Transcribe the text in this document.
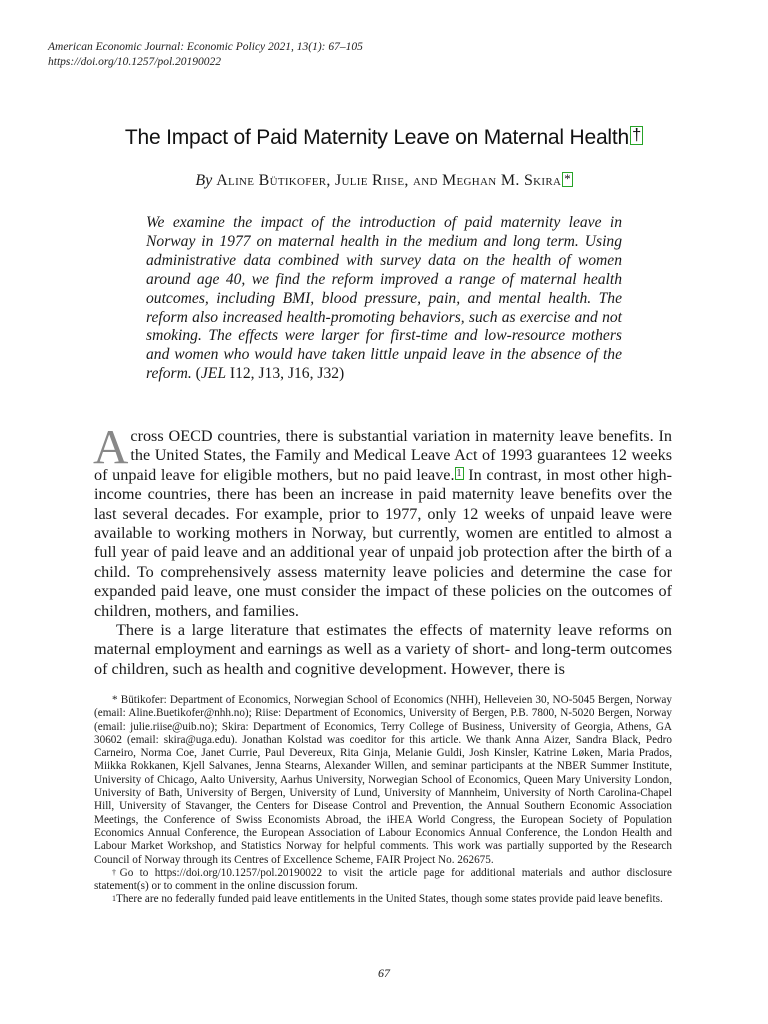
American Economic Journal: Economic Policy 2021, 13(1): 67–105
https://doi.org/10.1257/pol.20190022
The Impact of Paid Maternity Leave on Maternal Health †
By Aline Bütikofer, Julie Riise, and Meghan M. Skira *
We examine the impact of the introduction of paid maternity leave in Norway in 1977 on maternal health in the medium and long term. Using administrative data combined with survey data on the health of women around age 40, we find the reform improved a range of maternal health outcomes, including BMI, blood pressure, pain, and mental health. The reform also increased health-promoting behaviors, such as exercise and not smoking. The effects were larger for first-time and low-resource mothers and women who would have taken little unpaid leave in the absence of the reform. (JEL I12, J13, J16, J32)

Across OECD countries, there is substantial variation in maternity leave benefits. In the United States, the Family and Medical Leave Act of 1993 guarantees 12 weeks of unpaid leave for eligible mothers, but no paid leave. 1 In contrast, in most other high-income countries, there has been an increase in paid maternity leave benefits over the last several decades. For example, prior to 1977, only 12 weeks of unpaid leave were available to working mothers in Norway, but currently, women are entitled to almost a full year of paid leave and an additional year of unpaid job protection after the birth of a child. To comprehensively assess maternity leave policies and determine the case for expanded paid leave, one must consider the impact of these policies on the outcomes of children, mothers, and families.

There is a large literature that estimates the effects of maternity leave reforms on maternal employment and earnings as well as a variety of short- and long-term outcomes of children, such as health and cognitive development. However, there is

* Bütikofer: Department of Economics, Norwegian School of Economics (NHH), Helleveien 30, NO-5045 Bergen, Norway (email: Aline.Buetikofer@nhh.no); Riise: Department of Economics, University of Bergen, P.B. 7800, N-5020 Bergen, Norway (email: julie.riise@uib.no); Skira: Department of Economics, Terry College of Business, University of Georgia, Athens, GA 30602 (email: skira@uga.edu). Jonathan Kolstad was coeditor for this article. We thank Anna Aizer, Sandra Black, Pedro Carneiro, Norma Coe, Janet Currie, Paul Devereux, Rita Ginja, Melanie Guldi, Josh Kinsler, Katrine Løken, Maria Prados, Miikka Rokkanen, Kjell Salvanes, Jenna Stearns, Alexander Willen, and seminar participants at the NBER Summer Institute, University of Chicago, Aalto University, Aarhus University, Norwegian School of Economics, Queen Mary University London, University of Bath, University of Bergen, University of Lund, University of Mannheim, University of North Carolina-Chapel Hill, University of Stavanger, the Centers for Disease Control and Prevention, the Annual Southern Economic Association Meetings, the Conference of Swiss Economists Abroad, the iHEA World Congress, the European Society of Population Economics Annual Conference, the European Association of Labour Economics Annual Conference, the London Health and Labour Market Workshop, and Statistics Norway for helpful comments. This work was partially supported by the Research Council of Norway through its Centres of Excellence Scheme, FAIR Project No. 262675.

†Go to https://doi.org/10.1257/pol.20190022 to visit the article page for additional materials and author disclosure statement(s) or to comment in the online discussion forum.

$^1$There are no federally funded paid leave entitlements in the United States, though some states provide paid leave benefits.

67
